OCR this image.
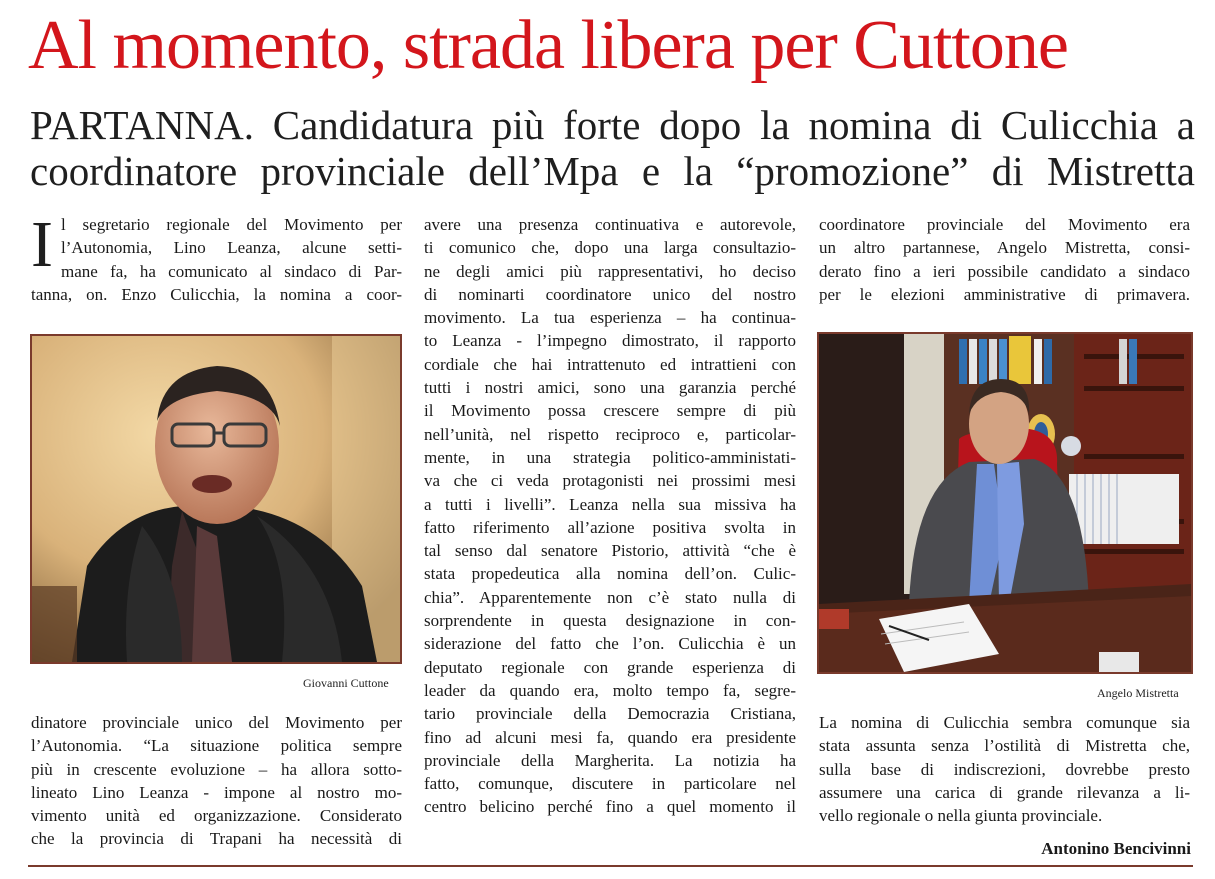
Al momento, strada libera per Cuttone
PARTANNA. Candidatura più forte dopo la nomina di Culicchia a
coordinatore provinciale dell’Mpa e la “promozione” di Mistretta
I l segretario regionale del Movimento per
l’Autonomia, Lino Leanza, alcune setti-
mane fa, ha comunicato al sindaco di Par-
tanna, on. Enzo Culicchia, la nomina a coor-
Giovanni Cuttone
dinatore provinciale unico del Movimento per
l’Autonomia. “La situazione politica sempre
più in crescente evoluzione – ha allora sotto-
lineato Lino Leanza - impone al nostro mo-
vimento unità ed organizzazione. Considerato
che la provincia di Trapani ha necessità di
avere una presenza continuativa e autorevole,
ti comunico che, dopo una larga consultazio-
ne degli amici più rappresentativi, ho deciso
di nominarti coordinatore unico del nostro
movimento. La tua esperienza – ha continua-
to Leanza - l’impegno dimostrato, il rapporto
cordiale che hai intrattenuto ed intrattieni con
tutti i nostri amici, sono una garanzia perché
il Movimento possa crescere sempre di più
nell’unità, nel rispetto reciproco e, particolar-
mente, in una strategia politico-amministati-
va che ci veda protagonisti nei prossimi mesi
a tutti i livelli”. Leanza nella sua missiva ha
fatto riferimento all’azione positiva svolta in
tal senso dal senatore Pistorio, attività “che è
stata propedeutica alla nomina dell’on. Culic-
chia”. Apparentemente non c’è stato nulla di
sorprendente in questa designazione in con-
siderazione del fatto che l’on. Culicchia è un
deputato regionale con grande esperienza di
leader da quando era, molto tempo fa, segre-
tario provinciale della Democrazia Cristiana,
fino ad alcuni mesi fa, quando era presidente
provinciale della Margherita. La notizia ha
fatto, comunque, discutere in particolare nel
centro belicino perché fino a quel momento il
coordinatore provinciale del Movimento era
un altro partannese, Angelo Mistretta, consi-
derato fino a ieri possibile candidato a sindaco
per le elezioni amministrative di primavera.
Angelo Mistretta
La nomina di Culicchia sembra comunque sia
stata assunta senza l’ostilità di Mistretta che,
sulla base di indiscrezioni, dovrebbe presto
assumere una carica di grande rilevanza a li-
vello regionale o nella giunta provinciale.
Antonino Bencivinni
